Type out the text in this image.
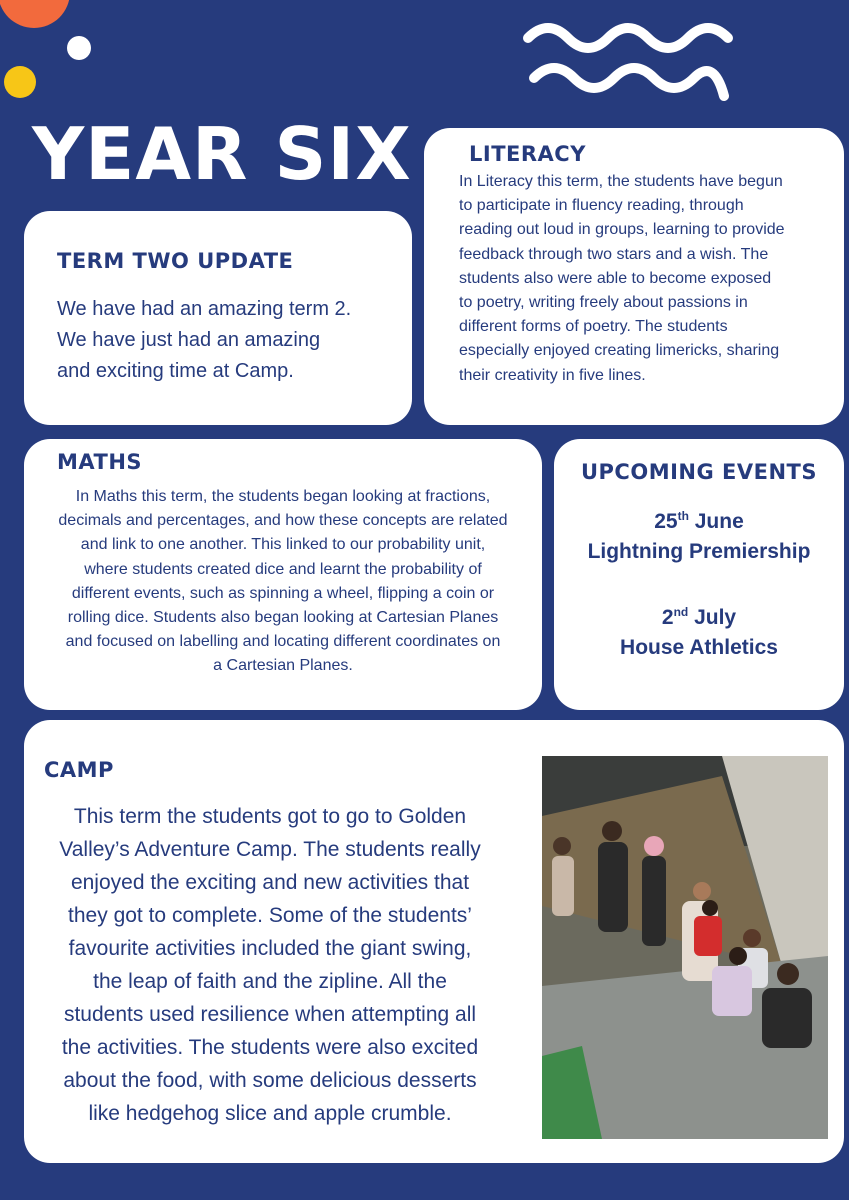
YEAR SIX
TERM TWO UPDATE
We have had an amazing term 2.
We have just had an amazing
and exciting time at Camp.
LITERACY
In Literacy this term, the students have begun
to participate in fluency reading, through
reading out loud in groups, learning to provide
feedback through two stars and a wish. The
students also were able to become exposed
to poetry, writing freely about passions in
different forms of poetry. The students
especially enjoyed creating limericks, sharing
their creativity in five lines.
MATHS
In Maths this term, the students began looking at fractions,
decimals and percentages, and how these concepts are related
and link to one another. This linked to our probability unit,
where students created dice and learnt the probability of
different events, such as spinning a wheel, flipping a coin or
rolling dice. Students also began looking at Cartesian Planes
and focused on labelling and locating different coordinates on
a Cartesian Planes.
UPCOMING EVENTS
25th June
Lightning Premiership
2nd July
House Athletics
CAMP
This term the students got to go to Golden
Valley’s Adventure Camp. The students really
enjoyed the exciting and new activities that
they got to complete. Some of the students’
favourite activities included the giant swing,
the leap of faith and the zipline. All the
students used resilience when attempting all
the activities. The students were also excited
about the food, with some delicious desserts
like hedgehog slice and apple crumble.
